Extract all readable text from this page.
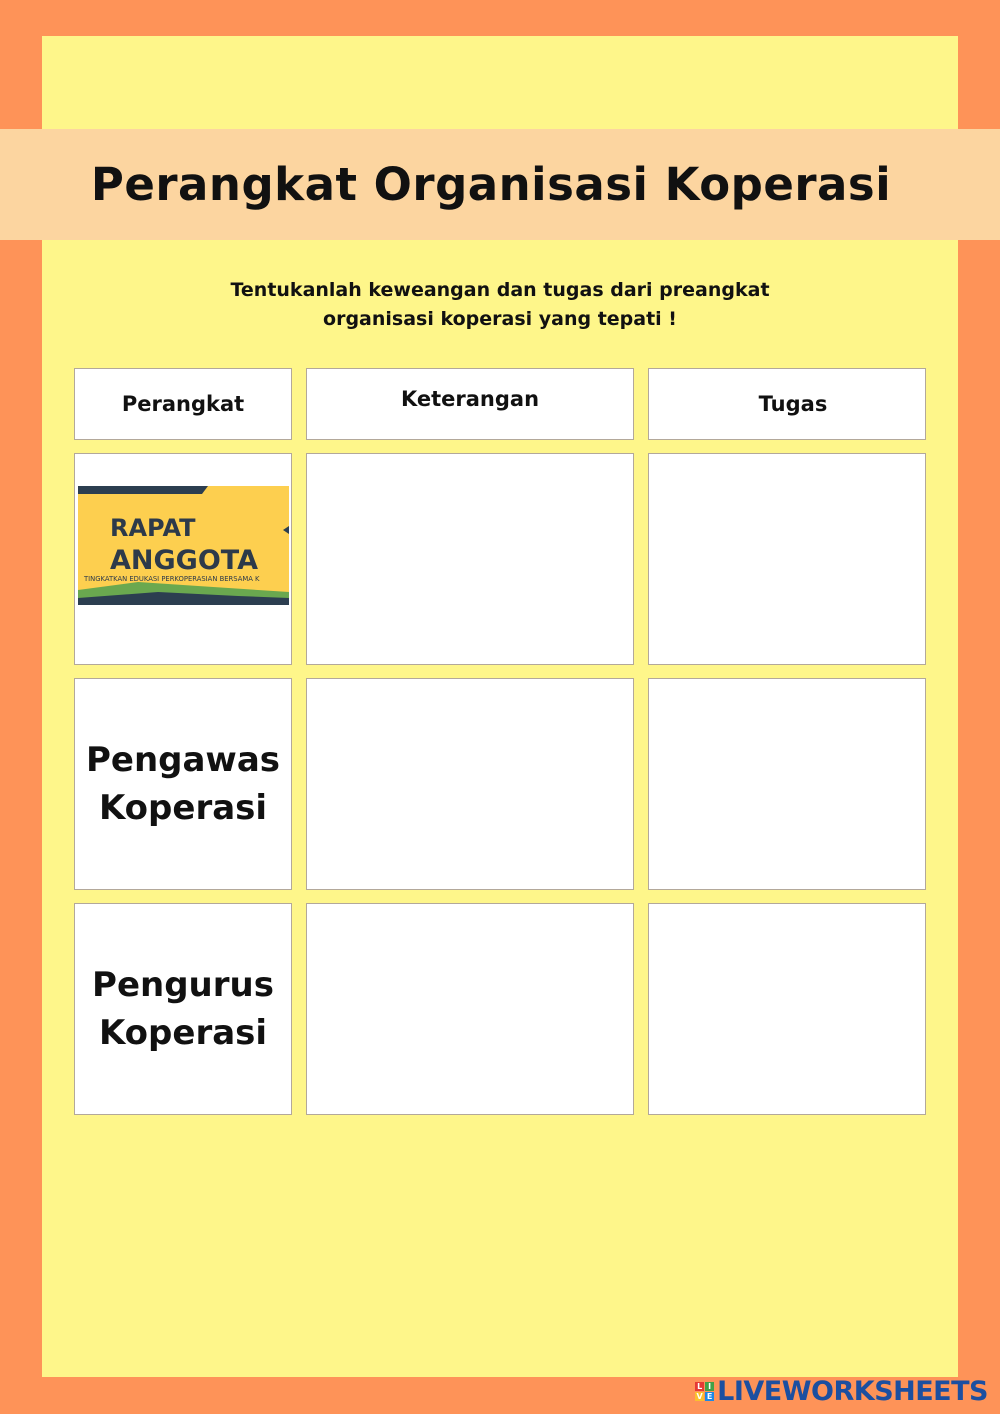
Perangkat Organisasi Koperasi
Tentukanlah keweangan dan tugas dari preangkat
organisasi koperasi yang tepati !
Perangkat	Keterangan	Tugas
RAPAT
ANGGOTA
TINGKATKAN EDUKASI PERKOPERASIAN BERSAMA K
Pengawas
Koperasi
Pengurus
Koperasi
L I
V E LIVEWORKSHEETS
